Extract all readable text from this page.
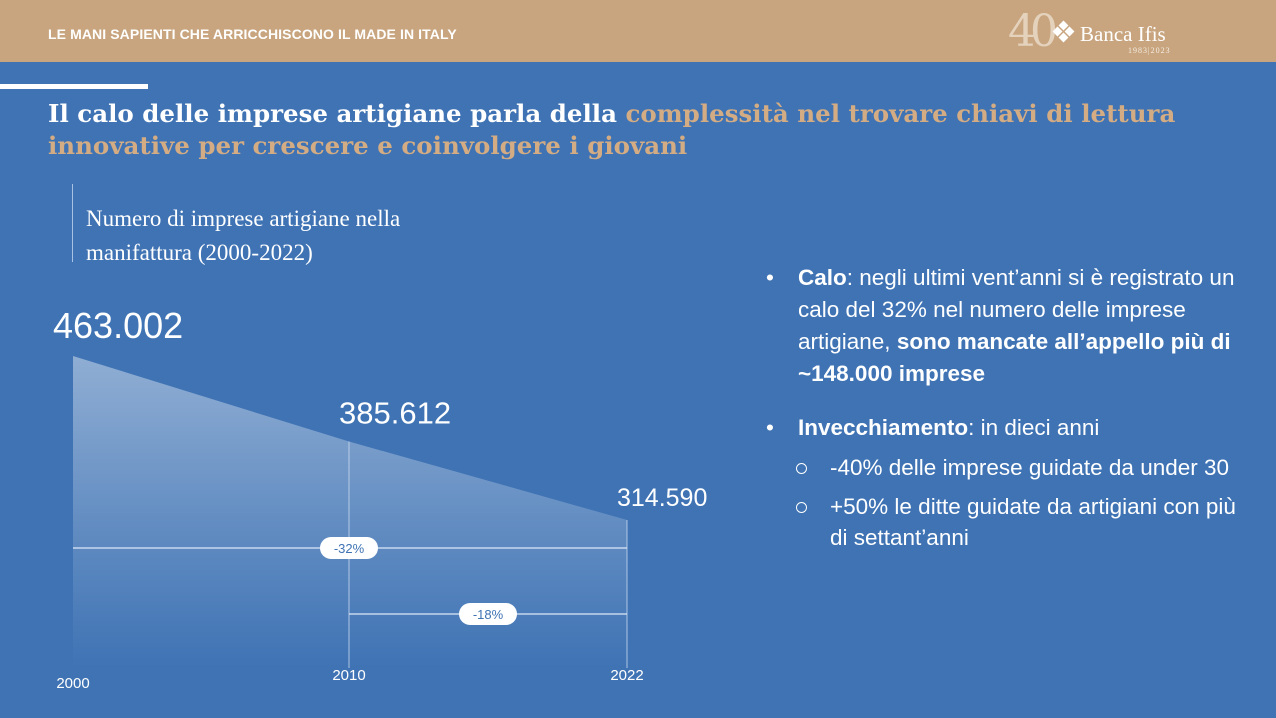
LE MANI SAPIENTI CHE ARRICCHISCONO IL MADE IN ITALY	40 Banca Ifis
1983|2023
Il calo delle imprese artigiane parla della complessità nel trovare chiavi di lettura innovative per crescere e coinvolgere i giovani
Numero di imprese artigiane nella manifattura (2000-2022)
463.002
385.612
314.590
2000	2010	2022
-32%
-18%
• Calo: negli ultimi vent’anni si è registrato un calo del 32% nel numero delle imprese artigiane, sono mancate all’appello più di ~148.000 imprese
• Invecchiamento: in dieci anni
-40% delle imprese guidate da under 30
+50% le ditte guidate da artigiani con più di settant’anni
